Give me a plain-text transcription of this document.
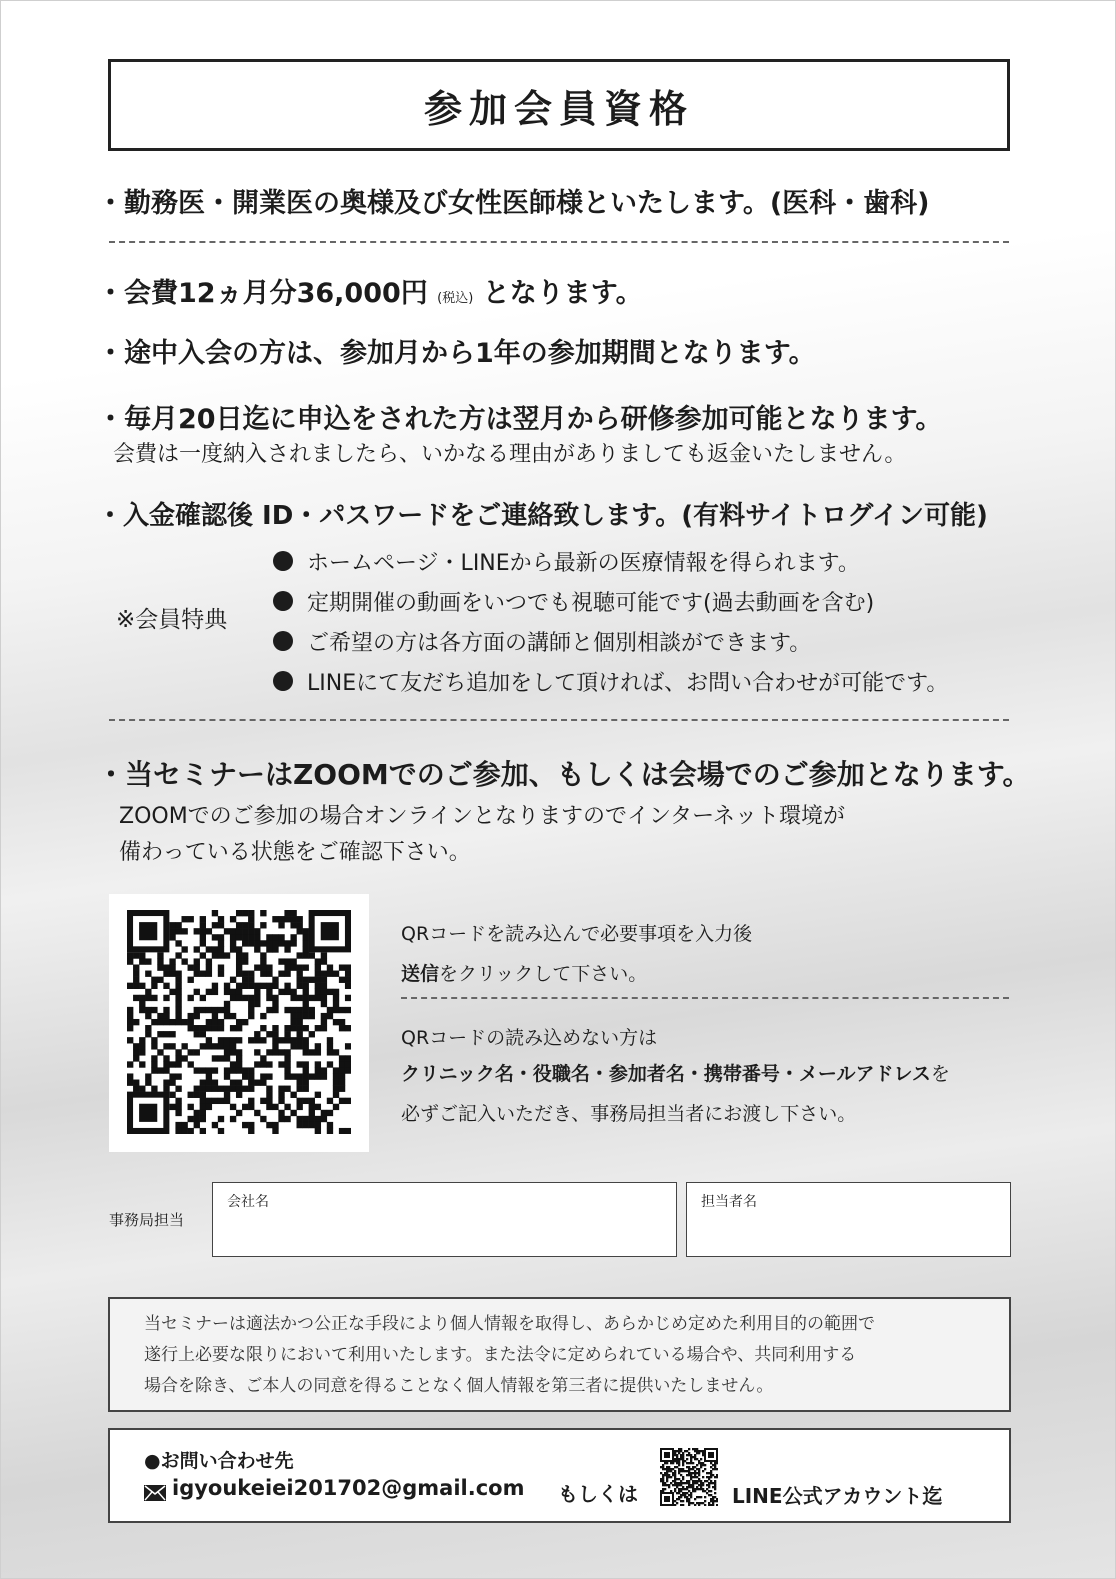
参加会員資格
・勤務医・開業医の奥様及び女性医師様といたします。(医科・歯科)
・会費12ヵ月分36,000円 (税込) となります。
・途中入会の方は、参加月から1年の参加期間となります。
・毎月20日迄に申込をされた方は翌月から研修参加可能となります。
会費は一度納入されましたら、いかなる理由がありましても返金いたしません。
・入金確認後 ID・パスワードをご連絡致します。(有料サイトログイン可能)
※会員特典
ホームページ・LINEから最新の医療情報を得られます。
定期開催の動画をいつでも視聴可能です(過去動画を含む)
ご希望の方は各方面の講師と個別相談ができます。
LINEにて友だち追加をして頂ければ、お問い合わせが可能です。
・当セミナーはZOOMでのご参加、もしくは会場でのご参加となります。
ZOOMでのご参加の場合オンラインとなりますのでインターネット環境が
備わっている状態をご確認下さい。
QRコードを読み込んで必要事項を入力後
送信をクリックして下さい。
QRコードの読み込めない方は
クリニック名・役職名・参加者名・携帯番号・メールアドレスを
必ずご記入いただき、事務局担当者にお渡し下さい。
事務局担当
会社名	担当者名
当セミナーは適法かつ公正な手段により個人情報を取得し、あらかじめ定めた利用目的の範囲で
遂行上必要な限りにおいて利用いたします。また法令に定められている場合や、共同利用する
場合を除き、ご本人の同意を得ることなく個人情報を第三者に提供いたしません。
●お問い合わせ先
igyoukeiei201702@gmail.com もしくは	LINE公式アカウント迄
